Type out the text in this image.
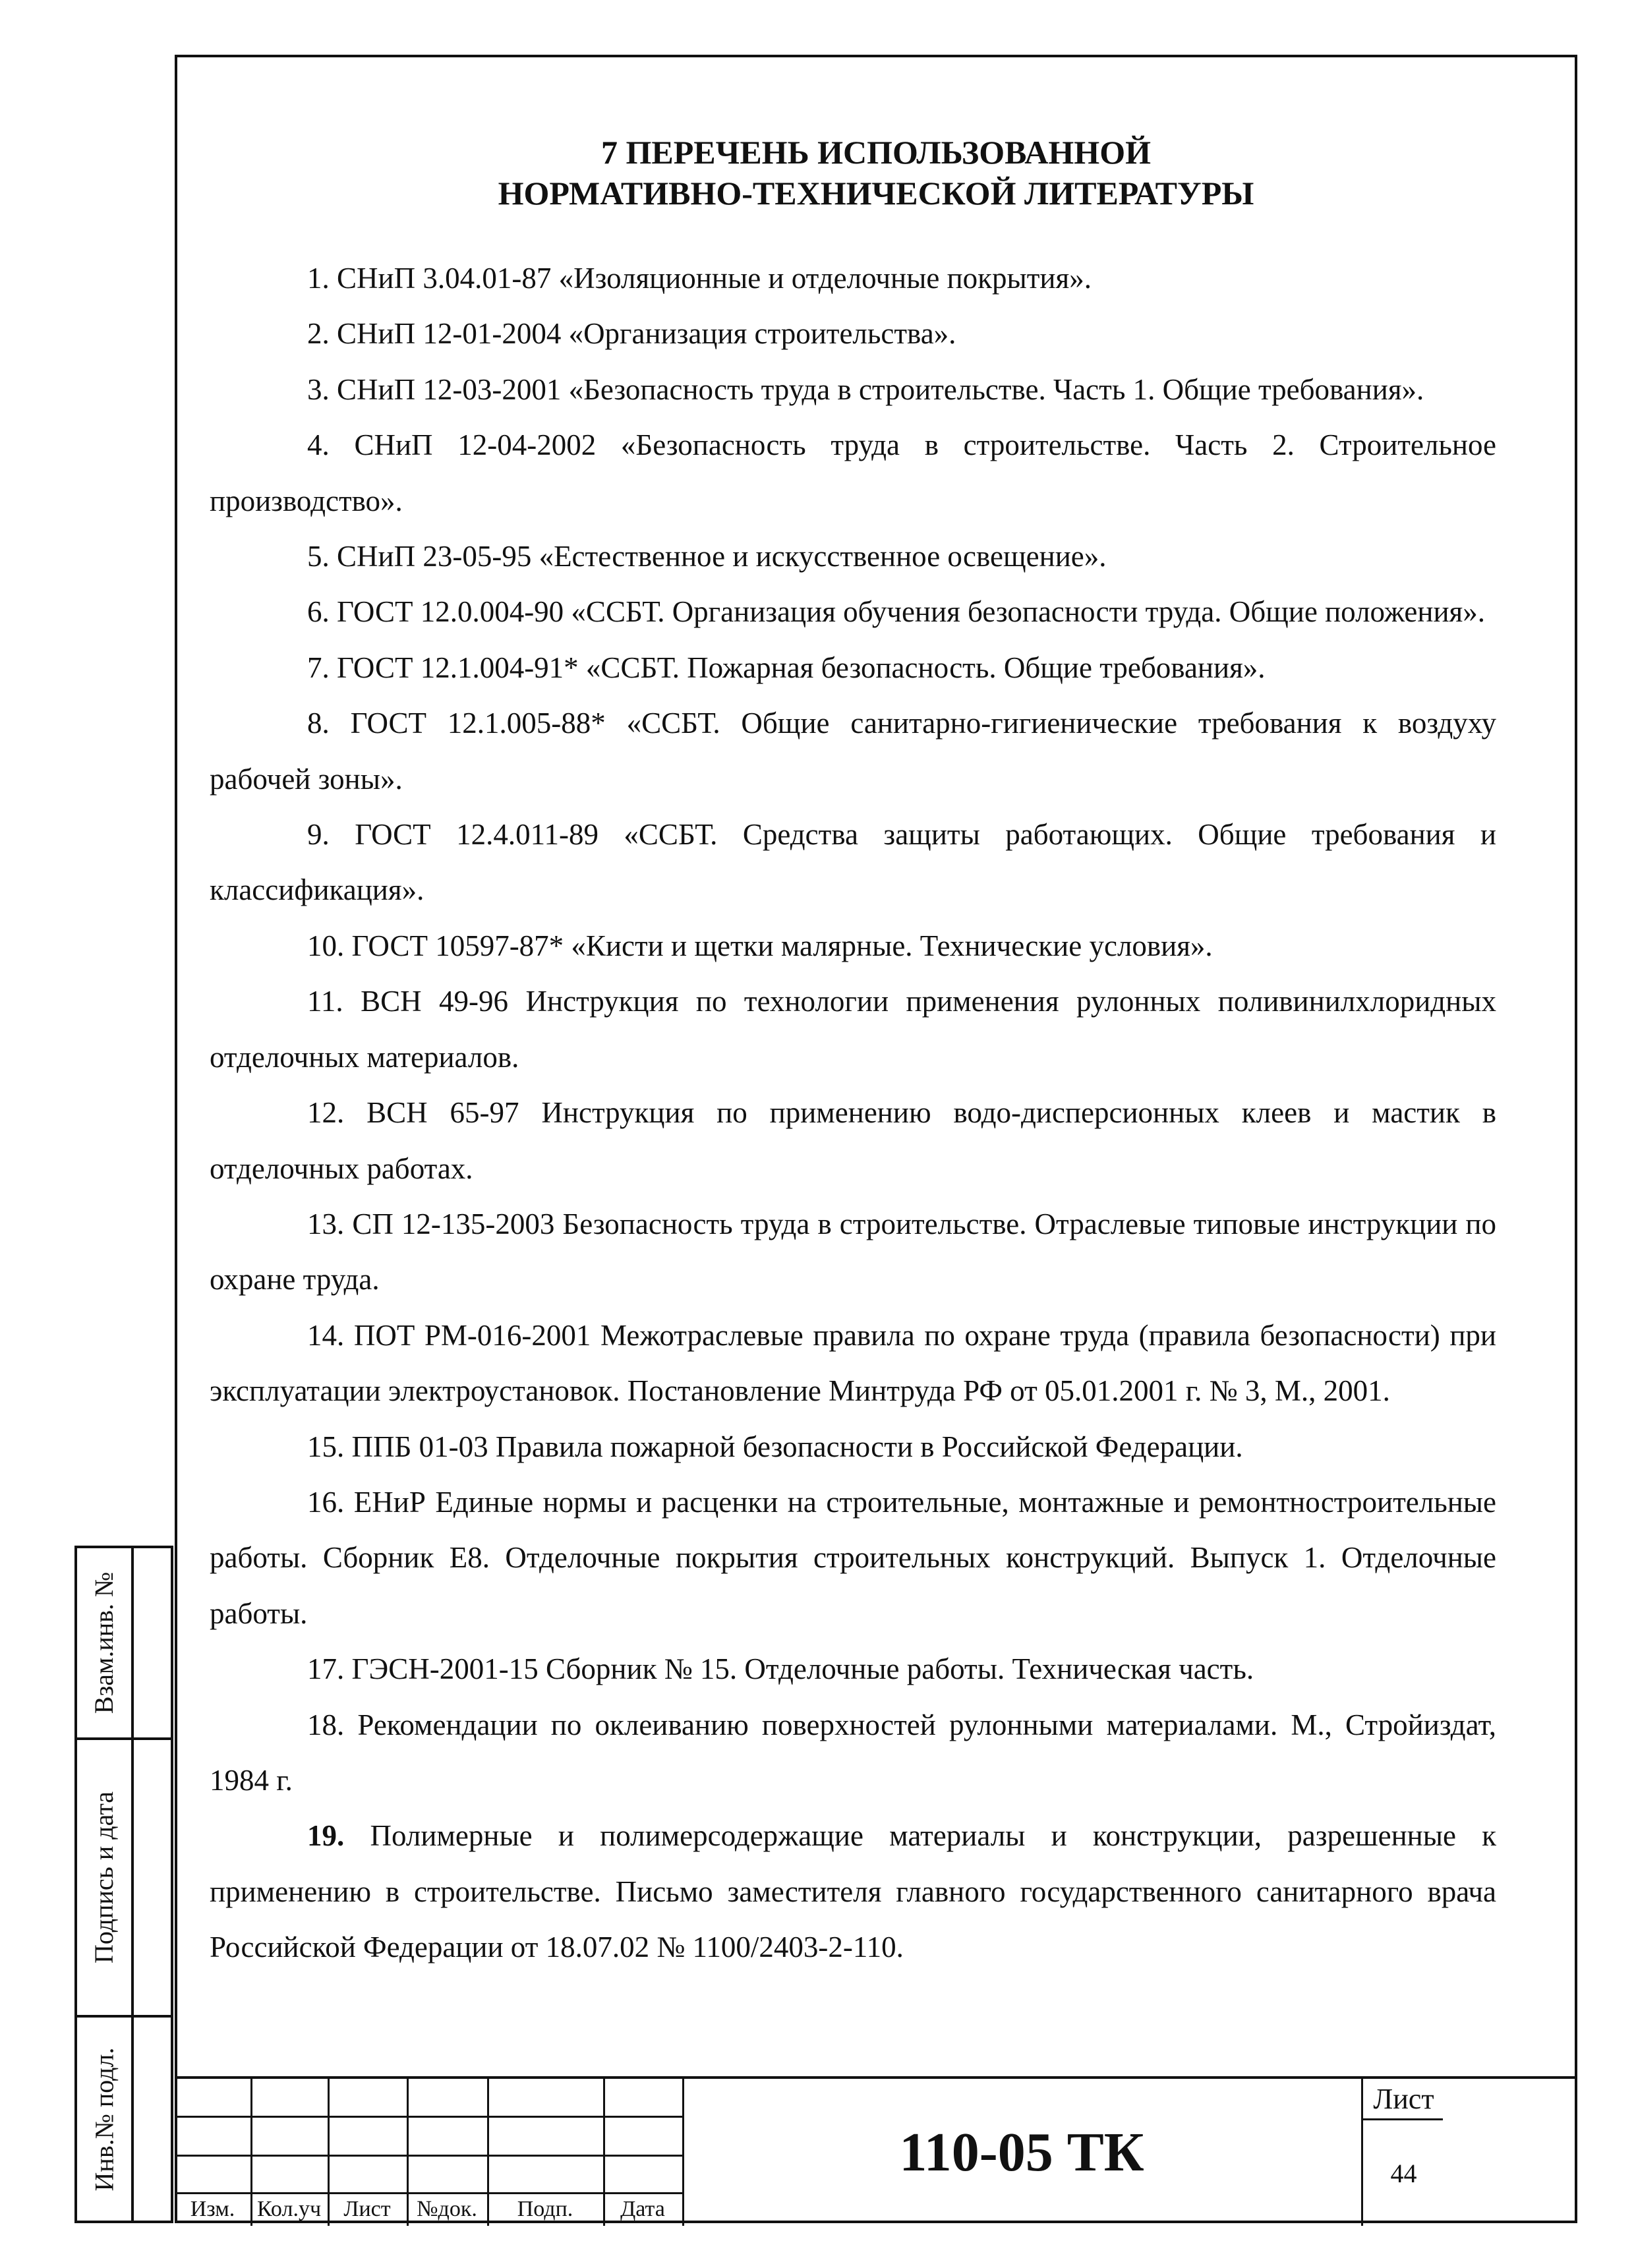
7 ПЕРЕЧЕНЬ ИСПОЛЬЗОВАННОЙ
НОРМАТИВНО-ТЕХНИЧЕСКОЙ ЛИТЕРАТУРЫ

1. СНиП 3.04.01-87 «Изоляционные и отделочные покрытия».

2. СНиП 12-01-2004 «Организация строительства».

3. СНиП 12-03-2001 «Безопасность труда в строительстве. Часть 1. Общие требования».

4. СНиП 12-04-2002 «Безопасность труда в строительстве. Часть 2. Строительное производство».

5. СНиП 23-05-95 «Естественное и искусственное освещение».

6. ГОСТ 12.0.004-90 «ССБТ. Организация обучения безопасности труда. Общие положения».

7. ГОСТ 12.1.004-91* «ССБТ. Пожарная безопасность. Общие требования».

8. ГОСТ 12.1.005-88* «ССБТ. Общие санитарно-гигиенические требования к воздуху рабочей зоны».

9. ГОСТ 12.4.011-89 «ССБТ. Средства защиты работающих. Общие требования и классификация».

10. ГОСТ 10597-87* «Кисти и щетки малярные. Технические условия».

11. ВСН 49-96 Инструкция по технологии применения рулонных поливинилхлоридных отделочных материалов.

12. ВСН 65-97 Инструкция по применению водо-дисперсионных клеев и мастик в отделочных работах.

13. СП 12-135-2003 Безопасность труда в строительстве. Отраслевые типовые инструкции по охране труда.

14. ПОТ РМ-016-2001 Межотраслевые правила по охране труда (правила безопасности) при эксплуатации электроустановок. Постановление Минтруда РФ от 05.01.2001 г. № 3, М., 2001.

15. ППБ 01-03 Правила пожарной безопасности в Российской Федерации.

16. ЕНиР Единые нормы и расценки на строительные, монтажные и ремонтностроительные работы. Сборник Е8. Отделочные покрытия строительных конструкций. Выпуск 1. Отделочные работы.

17. ГЭСН-2001-15 Сборник № 15. Отделочные работы. Техническая часть.

18. Рекомендации по оклеиванию поверхностей рулонными материалами. М., Стройиздат, 1984 г.

19. Полимерные и полимерсодержащие материалы и конструкции, разрешенные к применению в строительстве. Письмо заместителя главного государственного санитарного врача Российской Федерации от 18.07.02 № 1100/2403-2-110.

Взам.инв. №
Подпись и дата
Инв.№ подл.
Изм. Кол.уч	Лист	№док.	Подп.	Дата
110-05 ТК
Лист
44
